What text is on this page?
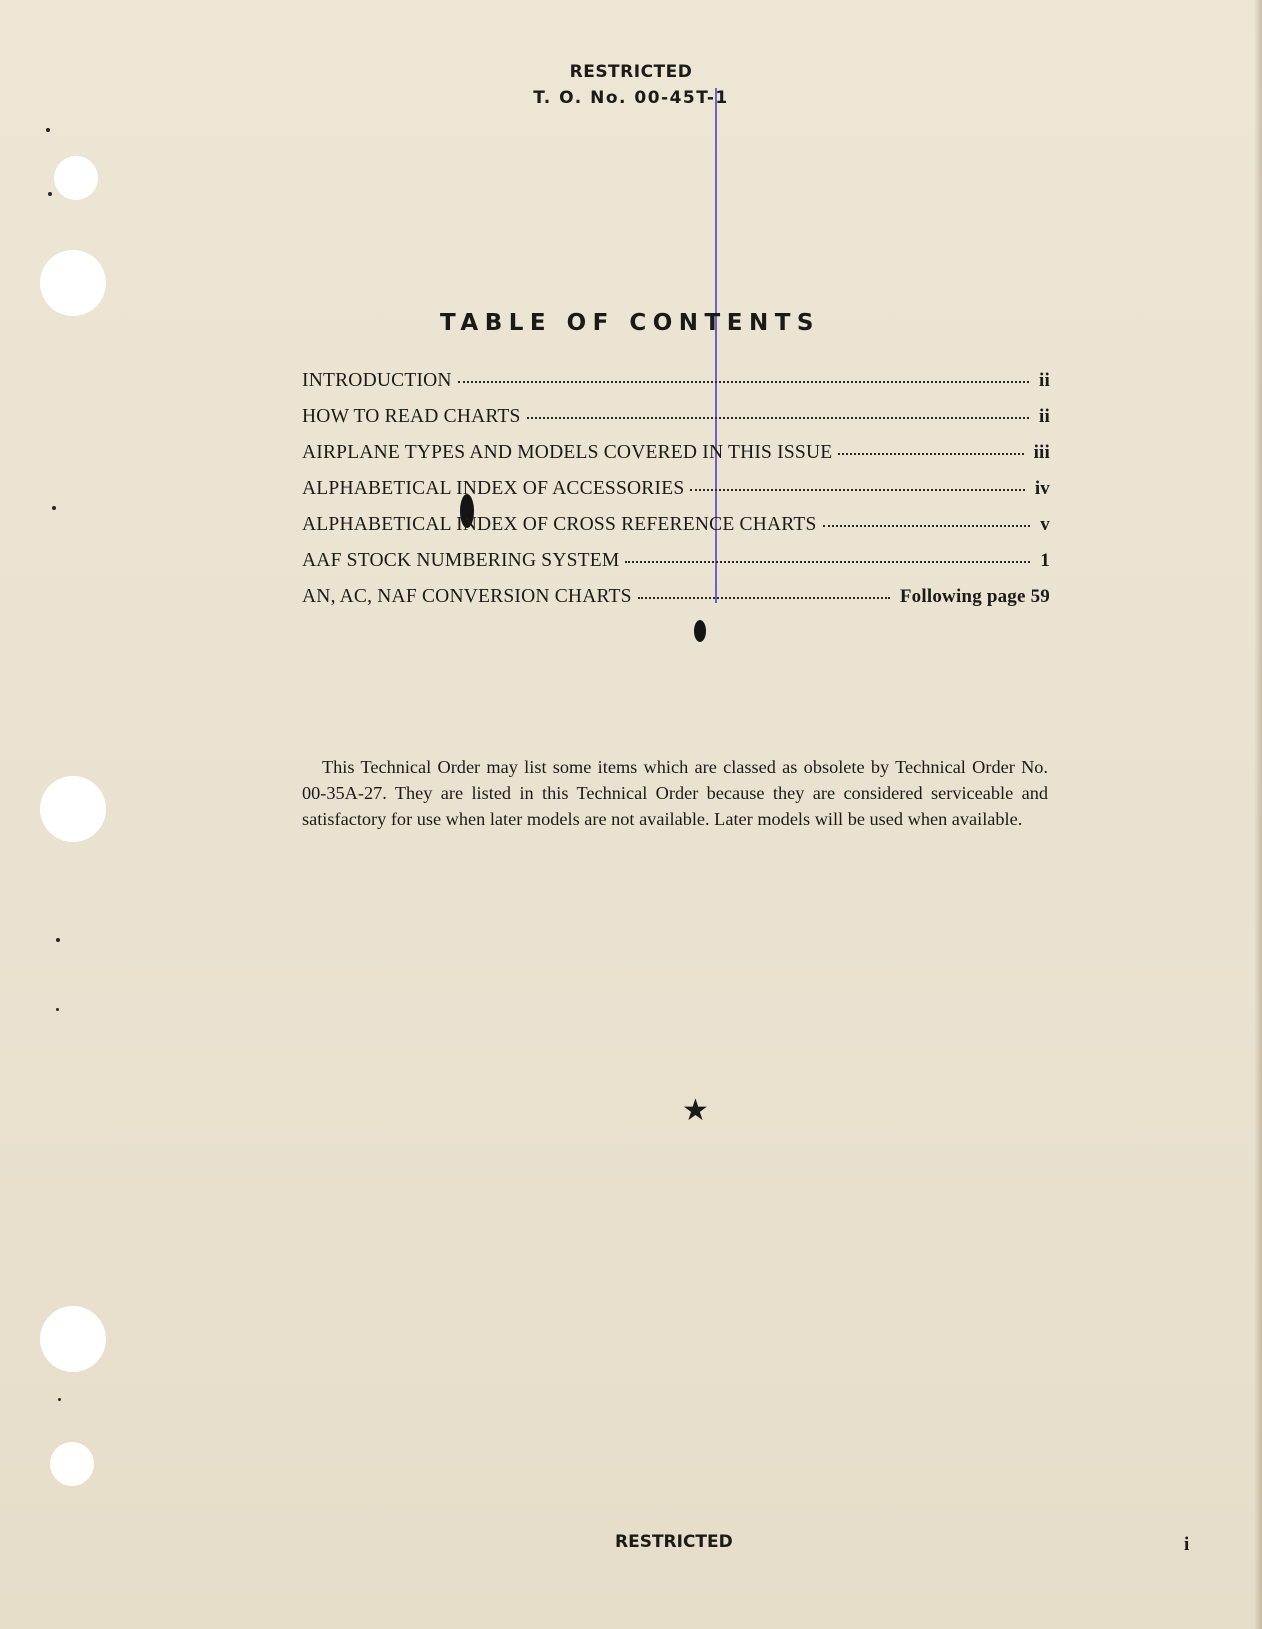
RESTRICTED
T. O. No. 00-45T-1
TABLE OF CONTENTS
INTRODUCTION	ii
HOW TO READ CHARTS	ii
AIRPLANE TYPES AND MODELS COVERED IN THIS ISSUE	iii
ALPHABETICAL INDEX OF ACCESSORIES	iv
ALPHABETICAL INDEX OF CROSS REFERENCE CHARTS	v
AAF STOCK NUMBERING SYSTEM	1
AN, AC, NAF CONVERSION CHARTS	Following page 59

This Technical Order may list some items which are classed as obsolete by Technical Order No. 00-35A-27. They are listed in this Technical Order because they are considered serviceable and satisfactory for use when later models are not available. Later models will be used when available.

★
RESTRICTED	i
